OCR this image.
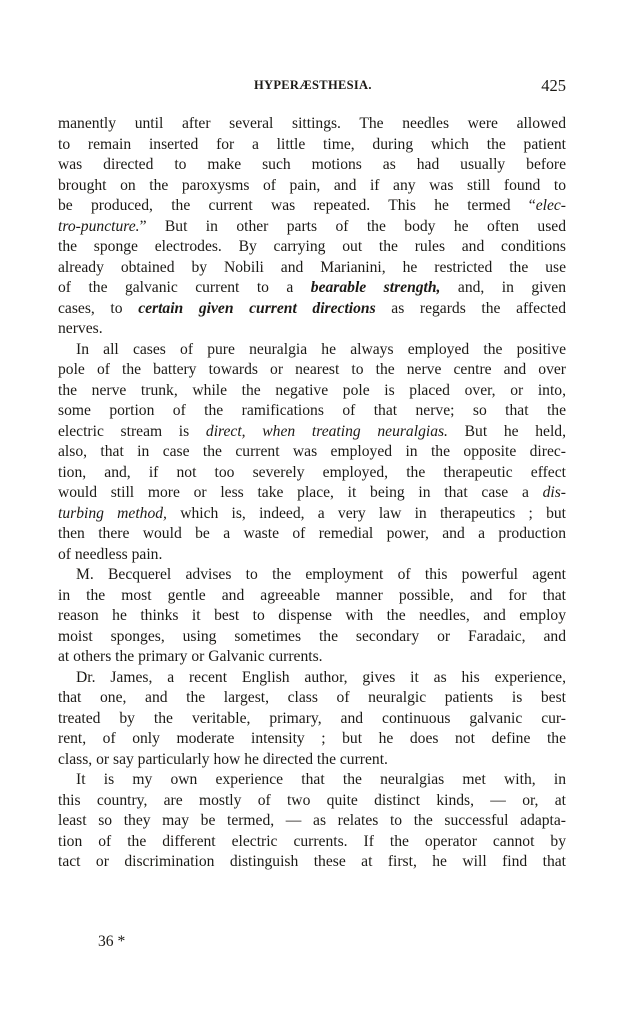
HYPERÆSTHESIA.	425

manently until after several sittings. The needles were allowed

to remain inserted for a little time, during which the patient

was directed to make such motions as had usually before

brought on the paroxysms of pain, and if any was still found to

be produced, the current was repeated. This he termed “elec-

tro-puncture.” But in other parts of the body he often used

the sponge electrodes. By carrying out the rules and conditions

already obtained by Nobili and Marianini, he restricted the use

of the galvanic current to a bearable strength, and, in given

cases, to certain given current directions as regards the affected

nerves.

In all cases of pure neuralgia he always employed the positive

pole of the battery towards or nearest to the nerve centre and over

the nerve trunk, while the negative pole is placed over, or into,

some portion of the ramifications of that nerve; so that the

electric stream is direct, when treating neuralgias. But he held,

also, that in case the current was employed in the opposite direc-

tion, and, if not too severely employed, the therapeutic effect

would still more or less take place, it being in that case a dis-

turbing method, which is, indeed, a very law in therapeutics ; but

then there would be a waste of remedial power, and a production

of needless pain.

M. Becquerel advises to the employment of this powerful agent

in the most gentle and agreeable manner possible, and for that

reason he thinks it best to dispense with the needles, and employ

moist sponges, using sometimes the secondary or Faradaic, and

at others the primary or Galvanic currents.

Dr. James, a recent English author, gives it as his experience,

that one, and the largest, class of neuralgic patients is best

treated by the veritable, primary, and continuous galvanic cur-

rent, of only moderate intensity ; but he does not define the

class, or say particularly how he directed the current.

It is my own experience that the neuralgias met with, in

this country, are mostly of two quite distinct kinds, — or, at

least so they may be termed, — as relates to the successful adapta-

tion of the different electric currents. If the operator cannot by

tact or discrimination distinguish these at first, he will find that

36 *
